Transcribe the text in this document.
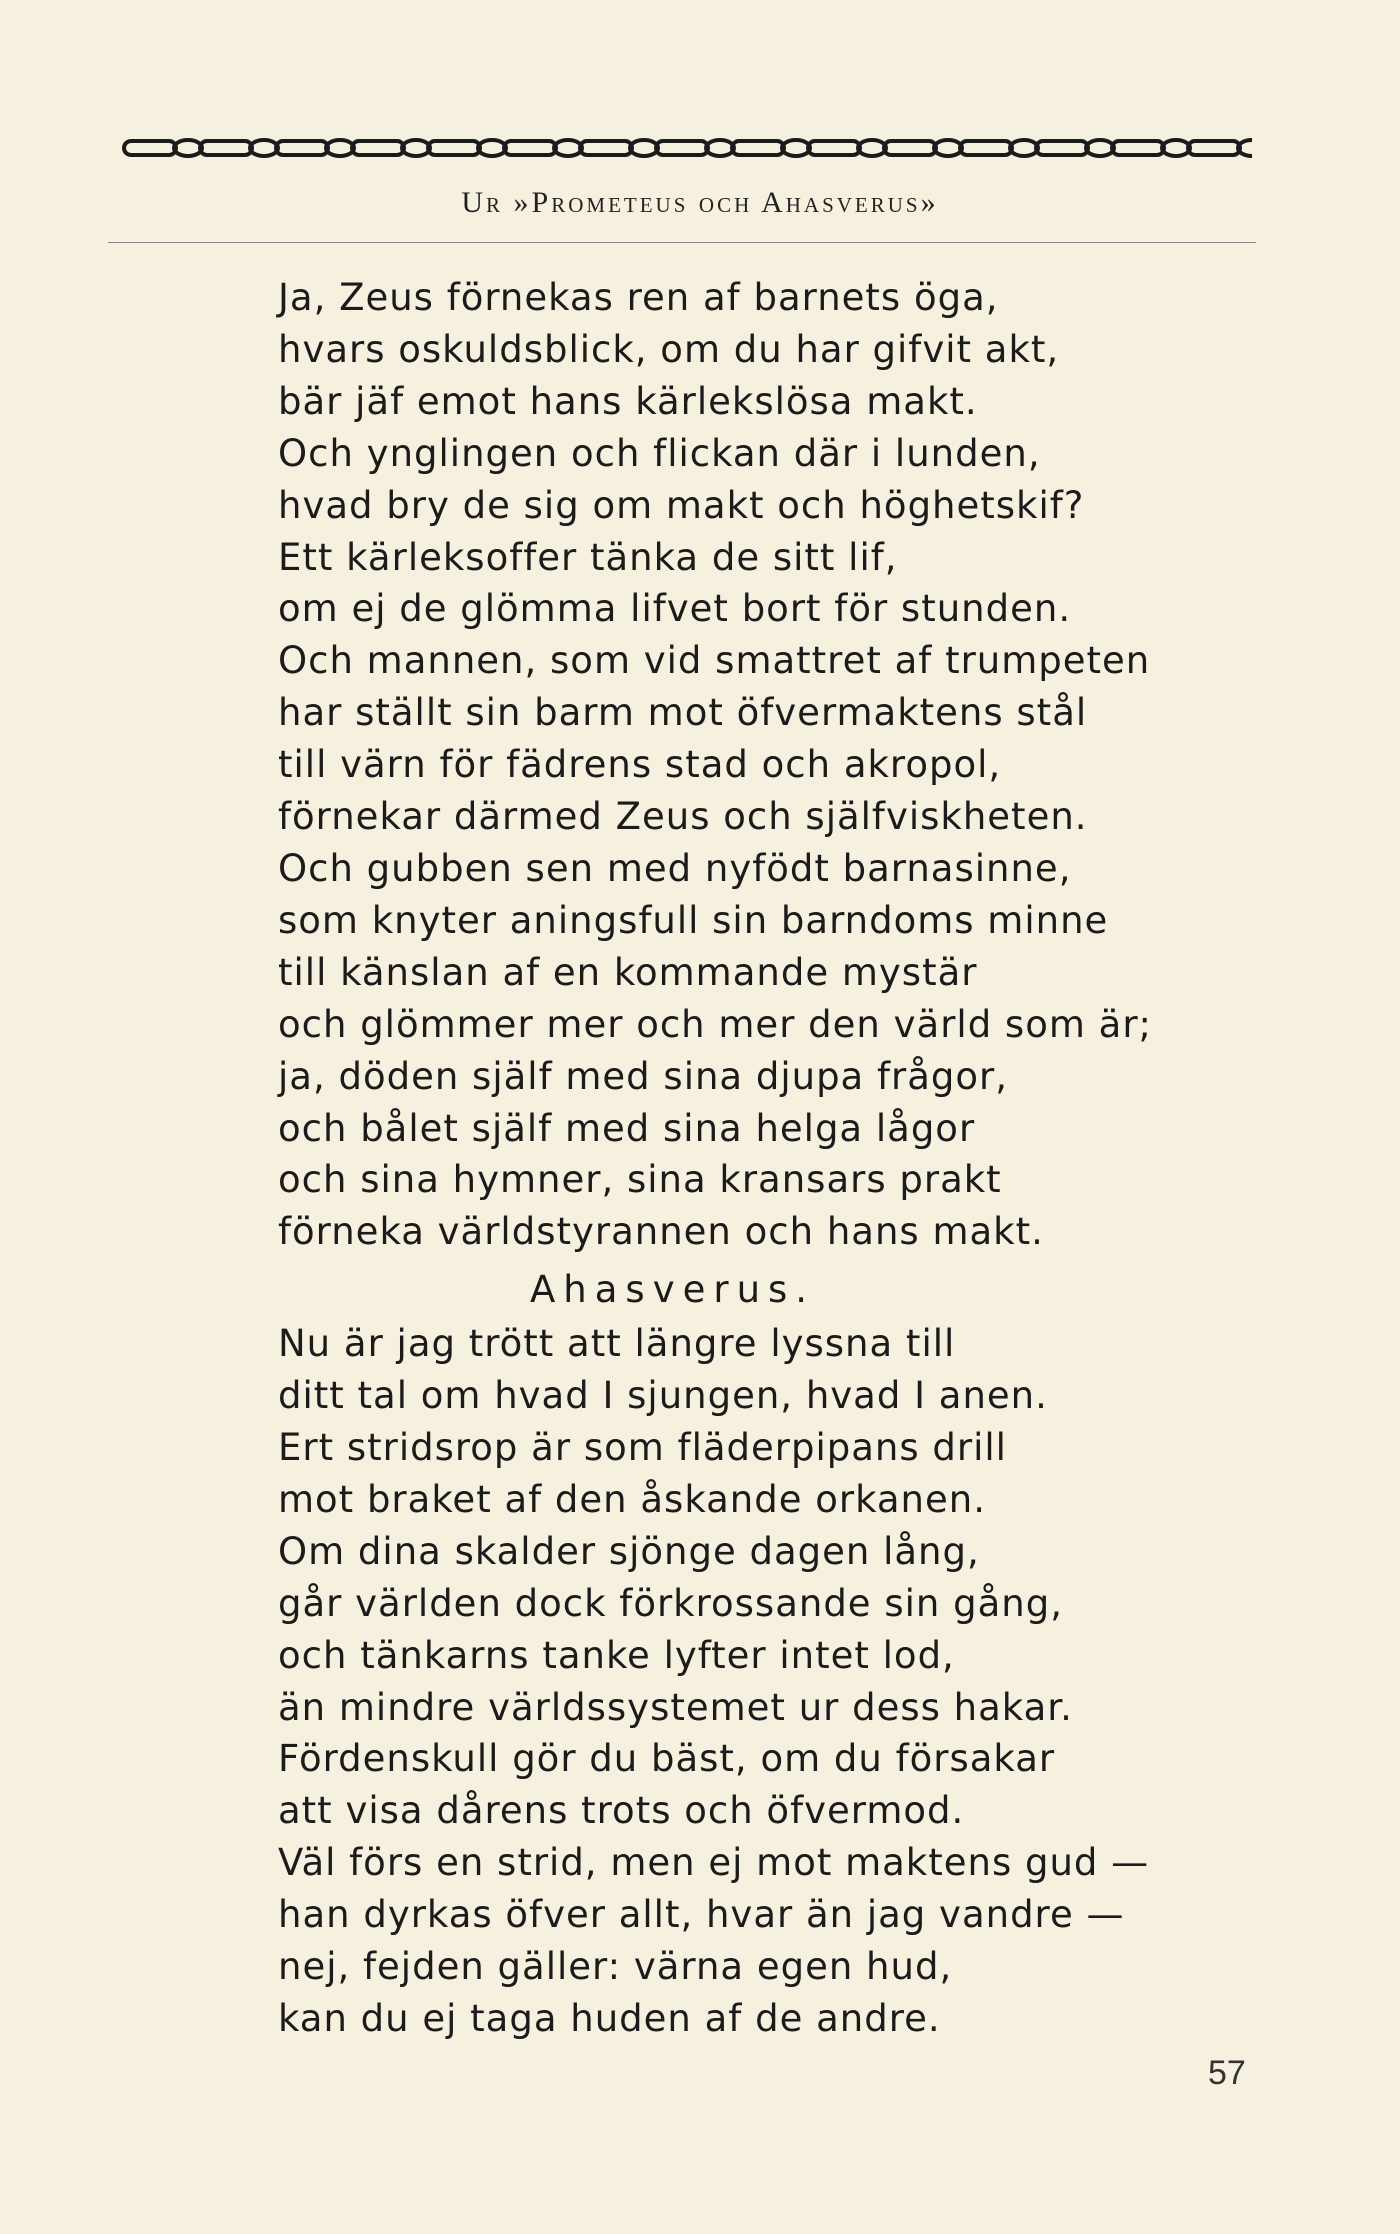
Ur »Prometeus och Ahasverus»
Ja, Zeus förnekas ren af barnets öga,
hvars oskuldsblick, om du har gifvit akt,
bär jäf emot hans kärlekslösa makt.
Och ynglingen och flickan där i lunden,
hvad bry de sig om makt och höghetskif?
Ett kärleksoffer tänka de sitt lif,
om ej de glömma lifvet bort för stunden.
Och mannen, som vid smattret af trumpeten
har ställt sin barm mot öfvermaktens stål
till värn för fädrens stad och akropol,
förnekar därmed Zeus och själfviskheten.
Och gubben sen med nyfödt barnasinne,
som knyter aningsfull sin barndoms minne
till känslan af en kommande mystär
och glömmer mer och mer den värld som är;
ja, döden själf med sina djupa frågor,
och bålet själf med sina helga lågor
och sina hymner, sina kransars prakt
förneka världstyrannen och hans makt.
Ahasverus.
Nu är jag trött att längre lyssna till
ditt tal om hvad I sjungen, hvad I anen.
Ert stridsrop är som fläderpipans drill
mot braket af den åskande orkanen.
Om dina skalder sjönge dagen lång,
går världen dock förkrossande sin gång,
och tänkarns tanke lyfter intet lod,
än mindre världssystemet ur dess hakar.
Fördenskull gör du bäst, om du försakar
att visa dårens trots och öfvermod.
Väl förs en strid, men ej mot maktens gud —
han dyrkas öfver allt, hvar än jag vandre —
nej, fejden gäller: värna egen hud,
kan du ej taga huden af de andre.
57
